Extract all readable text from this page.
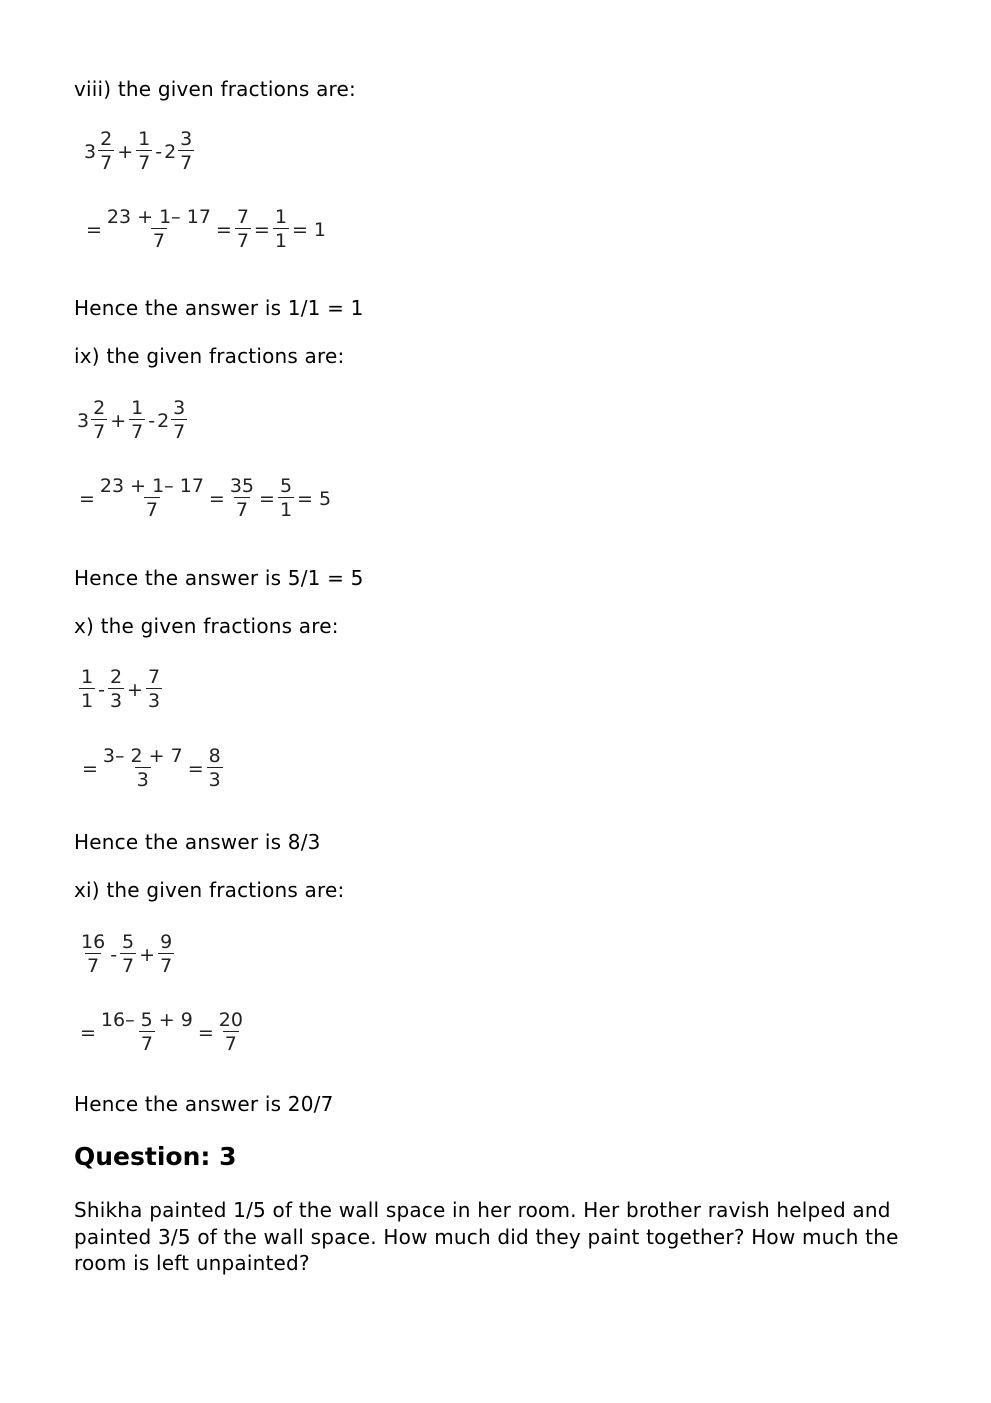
viii) the given fractions are:
$3 \frac{2}{7} + \frac{1}{7} - 2 \frac{3}{7}$
= $\frac{23 + 1- 17}{7} = \frac{7}{7} = \frac{1}{1} = 1$
Hence the answer is 1/1 = 1
ix) the given fractions are:
$3 \frac{2}{7} + \frac{1}{7} - 2 \frac{3}{7}$
= $\frac{23 + 1- 17}{7} = \frac{35}{7} = \frac{5}{1} = 5$
Hence the answer is 5/1 = 5
x) the given fractions are:
$\frac{1}{1} - \frac{2}{3} + \frac{7}{3}$
= $\frac{3- 2 + 7}{3} = \frac{8}{3}$
Hence the answer is 8/3
xi) the given fractions are:
$\frac{16}{7} - \frac{5}{7} + \frac{9}{7}$
= $\frac{16- 5 + 9}{7} = \frac{20}{7}$
Hence the answer is 20/7
Question: 3
Shikha painted 1/5 of the wall space in her room. Her brother ravish helped and painted 3/5 of the wall space. How much did they paint together? How much the room is left unpainted?
